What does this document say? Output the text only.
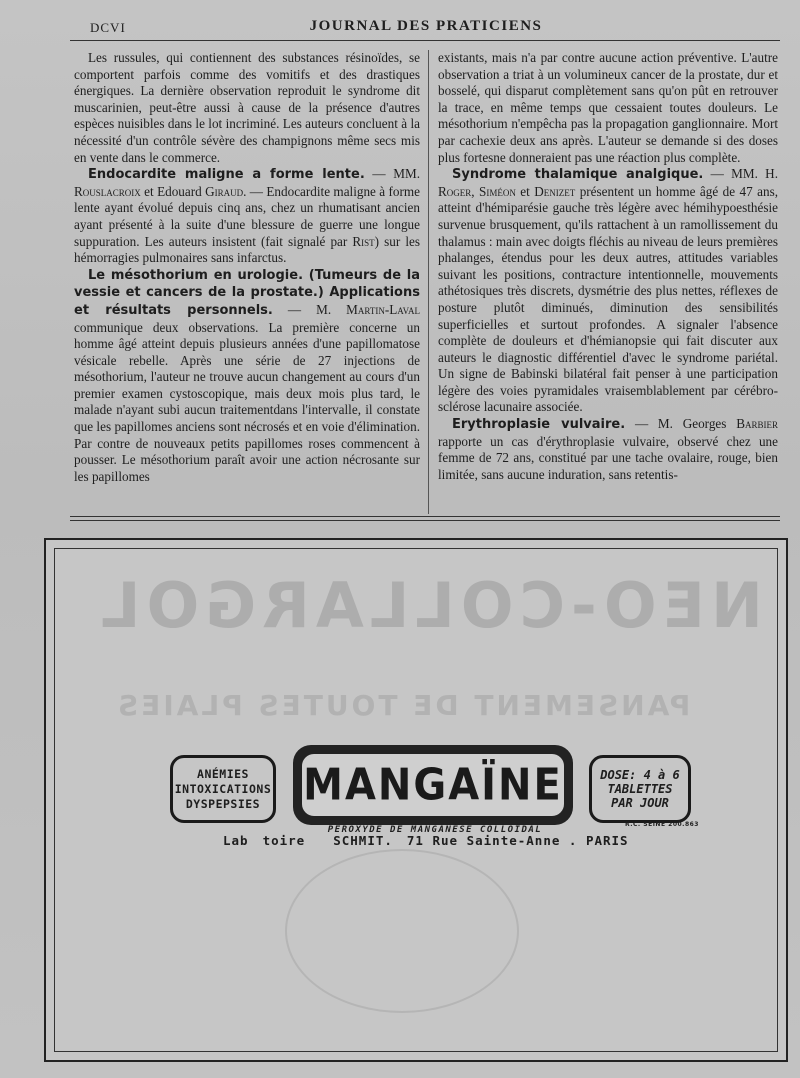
DCVI	JOURNAL DES PRATICIENS

Les russules, qui contiennent des substances résinoïdes, se comportent parfois comme des vomitifs et des drastiques énergiques. La dernière observation reproduit le syndrome dit muscarinien, peut-être aussi à cause de la présence d'autres espèces nuisibles dans le lot incriminé. Les auteurs concluent à la nécessité d'un contrôle sévère des champignons même secs mis en vente dans le commerce.

Endocardite maligne a forme lente. — MM. Rouslacroix et Edouard Giraud. — Endocardite maligne à forme lente ayant évolué depuis cinq ans, chez un rhumatisant ancien ayant présenté à la suite d'une blessure de guerre une longue suppuration. Les auteurs insistent (fait signalé par Rist) sur les hémorragies pulmonaires sans infarctus.

Le mésothorium en urologie. (Tumeurs de la vessie et cancers de la prostate.) Applications et résultats personnels. — M. Martin-Laval communique deux observations. La première concerne un homme âgé atteint depuis plusieurs années d'une papillomatose vésicale rebelle. Après une série de 27 injections de mésothorium, l'auteur ne trouve aucun changement au cours d'un premier examen cystoscopique, mais deux mois plus tard, le malade n'ayant subi aucun traitementdans l'intervalle, il constate que les papillomes anciens sont nécrosés et en voie d'élimination. Par contre de nouveaux petits papillomes roses commencent à pousser. Le mésothorium paraît avoir une action nécrosante sur les papillomes

existants, mais n'a par contre aucune action préventive. L'autre observation a triat à un volumineux cancer de la prostate, dur et bosselé, qui disparut complètement sans qu'on pût en retrouver la trace, en même temps que cessaient toutes douleurs. Le mésothorium n'empêcha pas la propagation ganglionnaire. Mort par cachexie deux ans après. L'auteur se demande si des doses plus fortesne donneraient pas une réaction plus complète.

Syndrome thalamique analgique. — MM. H. Roger, Siméon et Denizet présentent un homme âgé de 47 ans, atteint d'hémiparésie gauche très légère avec hémihypoesthésie survenue brusquement, qu'ils rattachent à un ramollissement du thalamus : main avec doigts fléchis au niveau de leurs premières phalanges, étendus pour les deux autres, attitudes variables suivant les positions, contracture intentionnelle, mouvements athétosiques très discrets, dysmétrie des plus nettes, réflexes de posture plutôt diminués, diminution des sensibilités superficielles et surtout profondes. A signaler l'absence complète de douleurs et d'hémianopsie qui fait discuter aux auteurs le diagnostic différentiel d'avec le syndrome pariétal. Un signe de Babinski bilatéral fait penser à une participation légère des voies pyramidales vraisemblablement par cérébro-sclérose lacunaire associée.

Erythroplasie vulvaire. — M. Georges Barbier rapporte un cas d'érythroplasie vulvaire, observé chez une femme de 72 ans, constitué par une tache ovalaire, rouge, bien limitée, sans aucune induration, sans retentis-

NEO-COLLARGOL
PANSEMENT DE TOUTES PLAIES
ANÉMIES
INTOXICATIONS
DYSPEPSIES MANGAÏNE	DOSE: 4 à 6
TABLETTES
PAR JOUR
PEROXYDE DE MANGANÈSE COLLOÏDAL
R.C. SEINE 200.863
Lab toire SCHMIT. 71 Rue Sainte-Anne . PARIS
